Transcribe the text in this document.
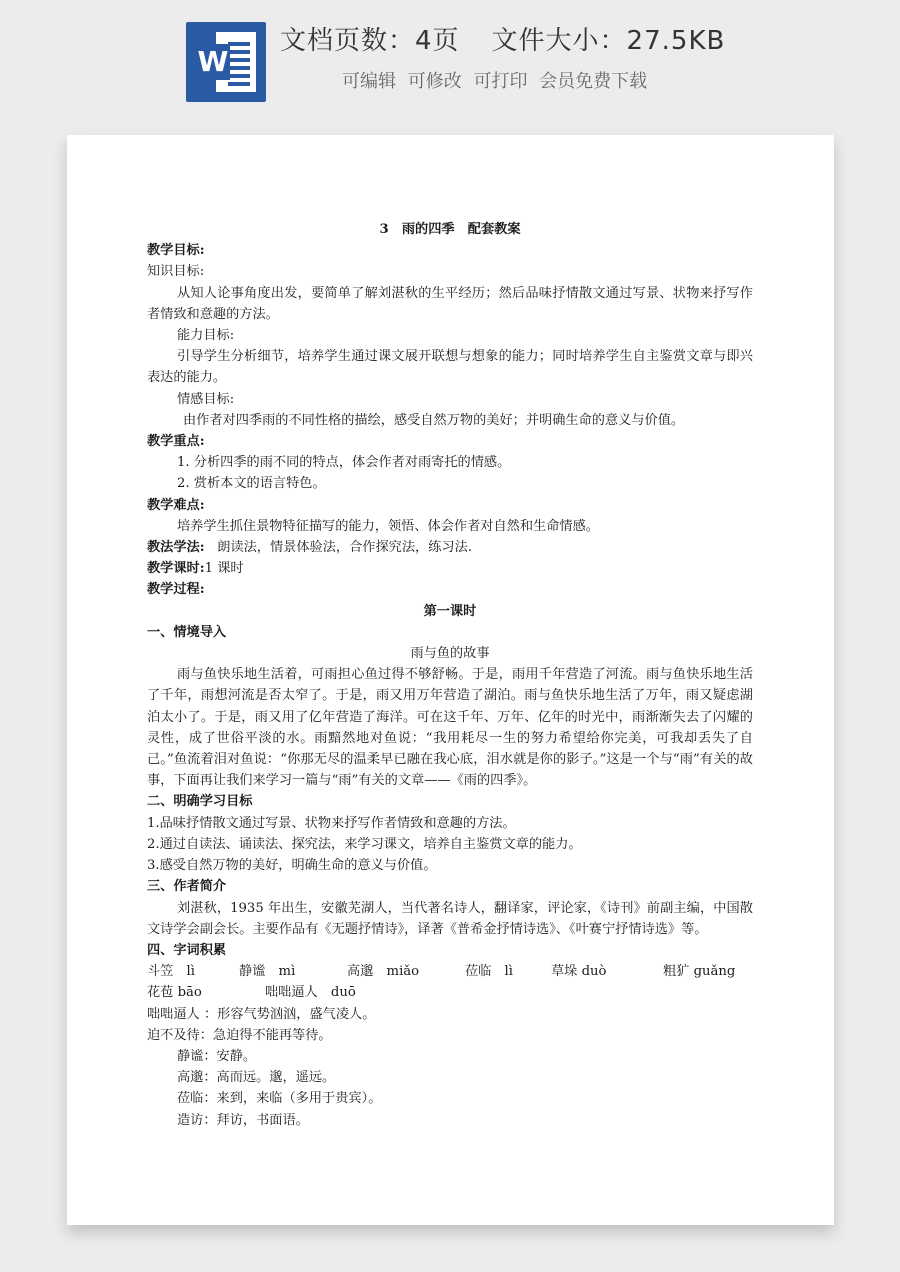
W
文档页数：4页 文件大小：27.5KB
可编辑 可修改 可打印 会员免费下载

3　雨的四季　配套教案

教学目标:

知识目标:

从知人论事角度出发，要简单了解刘湛秋的生平经历；然后品味抒情散文通过写景、状物来抒写作者情致和意趣的方法。

能力目标:

引导学生分析细节，培养学生通过课文展开联想与想象的能力；同时培养学生自主鉴赏文章与即兴表达的能力。

情感目标:

由作者对四季雨的不同性格的描绘，感受自然万物的美好；并明确生命的意义与价值。

教学重点:

1. 分析四季的雨不同的特点，体会作者对雨寄托的情感。

2. 赏析本文的语言特色。

教学难点:

培养学生抓住景物特征描写的能力，领悟、体会作者对自然和生命情感。

教法学法: 朗读法，情景体验法，合作探究法，练习法.

教学课时:1 课时

教学过程:

第一课时

一、情境导入

雨与鱼的故事

雨与鱼快乐地生活着，可雨担心鱼过得不够舒畅。于是，雨用千年营造了河流。雨与鱼快乐地生活了千年，雨想河流是否太窄了。于是，雨又用万年营造了湖泊。雨与鱼快乐地生活了万年，雨又疑虑湖泊太小了。于是，雨又用了亿年营造了海洋。可在这千年、万年、亿年的时光中，雨渐渐失去了闪耀的灵性，成了世俗平淡的水。雨黯然地对鱼说：“我用耗尽一生的努力希望给你完美，可我却丢失了自己。”鱼流着泪对鱼说：“你那无尽的温柔早已融在我心底，泪水就是你的影子。”这是一个与“雨”有关的故事，下面再让我们来学习一篇与“雨”有关的文章——《雨的四季》。

二、明确学习目标

1.品味抒情散文通过写景、状物来抒写作者情致和意趣的方法。

2.通过自读法、诵读法、探究法，来学习课文，培养自主鉴赏文章的能力。

3.感受自然万物的美好，明确生命的意义与价值。

三、作者简介

刘湛秋，1935 年出生，安徽芜湖人，当代著名诗人，翻译家，评论家，《诗刊》前副主编，中国散文诗学会副会长。主要作品有《无题抒情诗》，译著《普希金抒情诗选》、《叶赛宁抒情诗选》等。

四、字词积累

斗笠　lì	静谧　mì	高邈　miǎo	莅临　lì	草垛 duò	粗犷 guǎng

花苞 bāo	咄咄逼人　duō

咄咄逼人 ：形容气势汹汹，盛气凌人。

迫不及待：急迫得不能再等待。

静谧：安静。

高邈：高而远。邈，遥远。

莅临：来到，来临（多用于贵宾）。

造访：拜访，书面语。
